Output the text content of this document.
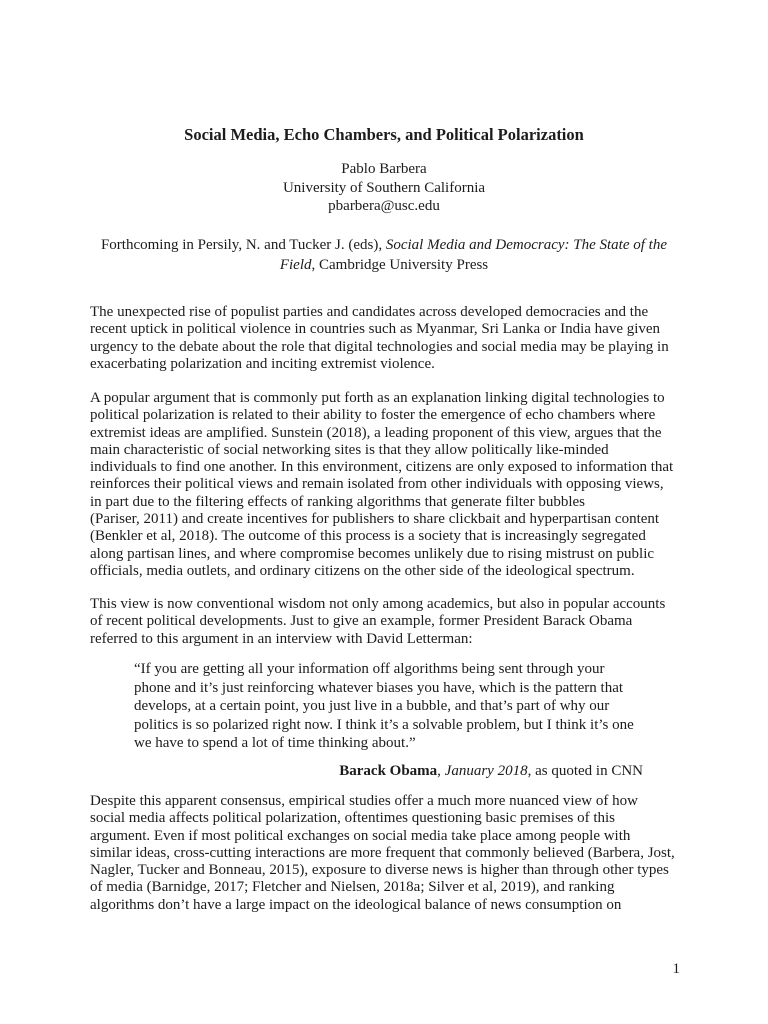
Social Media, Echo Chambers, and Political Polarization
Pablo Barbera
University of Southern California
pbarbera@usc.edu
Forthcoming in Persily, N. and Tucker J. (eds), Social Media and Democracy: The State of the
Field, Cambridge University Press

The unexpected rise of populist parties and candidates across developed democracies and the
recent uptick in political violence in countries such as Myanmar, Sri Lanka or India have given
urgency to the debate about the role that digital technologies and social media may be playing in
exacerbating polarization and inciting extremist violence.

A popular argument that is commonly put forth as an explanation linking digital technologies to
political polarization is related to their ability to foster the emergence of echo chambers where
extremist ideas are amplified. Sunstein (2018), a leading proponent of this view, argues that the
main characteristic of social networking sites is that they allow politically like-minded
individuals to find one another. In this environment, citizens are only exposed to information that
reinforces their political views and remain isolated from other individuals with opposing views,
in part due to the filtering effects of ranking algorithms that generate filter bubbles
(Pariser, 2011) and create incentives for publishers to share clickbait and hyperpartisan content
(Benkler et al, 2018). The outcome of this process is a society that is increasingly segregated
along partisan lines, and where compromise becomes unlikely due to rising mistrust on public
officials, media outlets, and ordinary citizens on the other side of the ideological spectrum.

This view is now conventional wisdom not only among academics, but also in popular accounts
of recent political developments. Just to give an example, former President Barack Obama
referred to this argument in an interview with David Letterman:

“If you are getting all your information off algorithms being sent through your
phone and it’s just reinforcing whatever biases you have, which is the pattern that
develops, at a certain point, you just live in a bubble, and that’s part of why our
politics is so polarized right now. I think it’s a solvable problem, but I think it’s one
we have to spend a lot of time thinking about.”
Barack Obama, January 2018, as quoted in CNN

Despite this apparent consensus, empirical studies offer a much more nuanced view of how
social media affects political polarization, oftentimes questioning basic premises of this
argument. Even if most political exchanges on social media take place among people with
similar ideas, cross-cutting interactions are more frequent that commonly believed (Barbera, Jost,
Nagler, Tucker and Bonneau, 2015), exposure to diverse news is higher than through other types
of media (Barnidge, 2017; Fletcher and Nielsen, 2018a; Silver et al, 2019), and ranking
algorithms don’t have a large impact on the ideological balance of news consumption on

1
